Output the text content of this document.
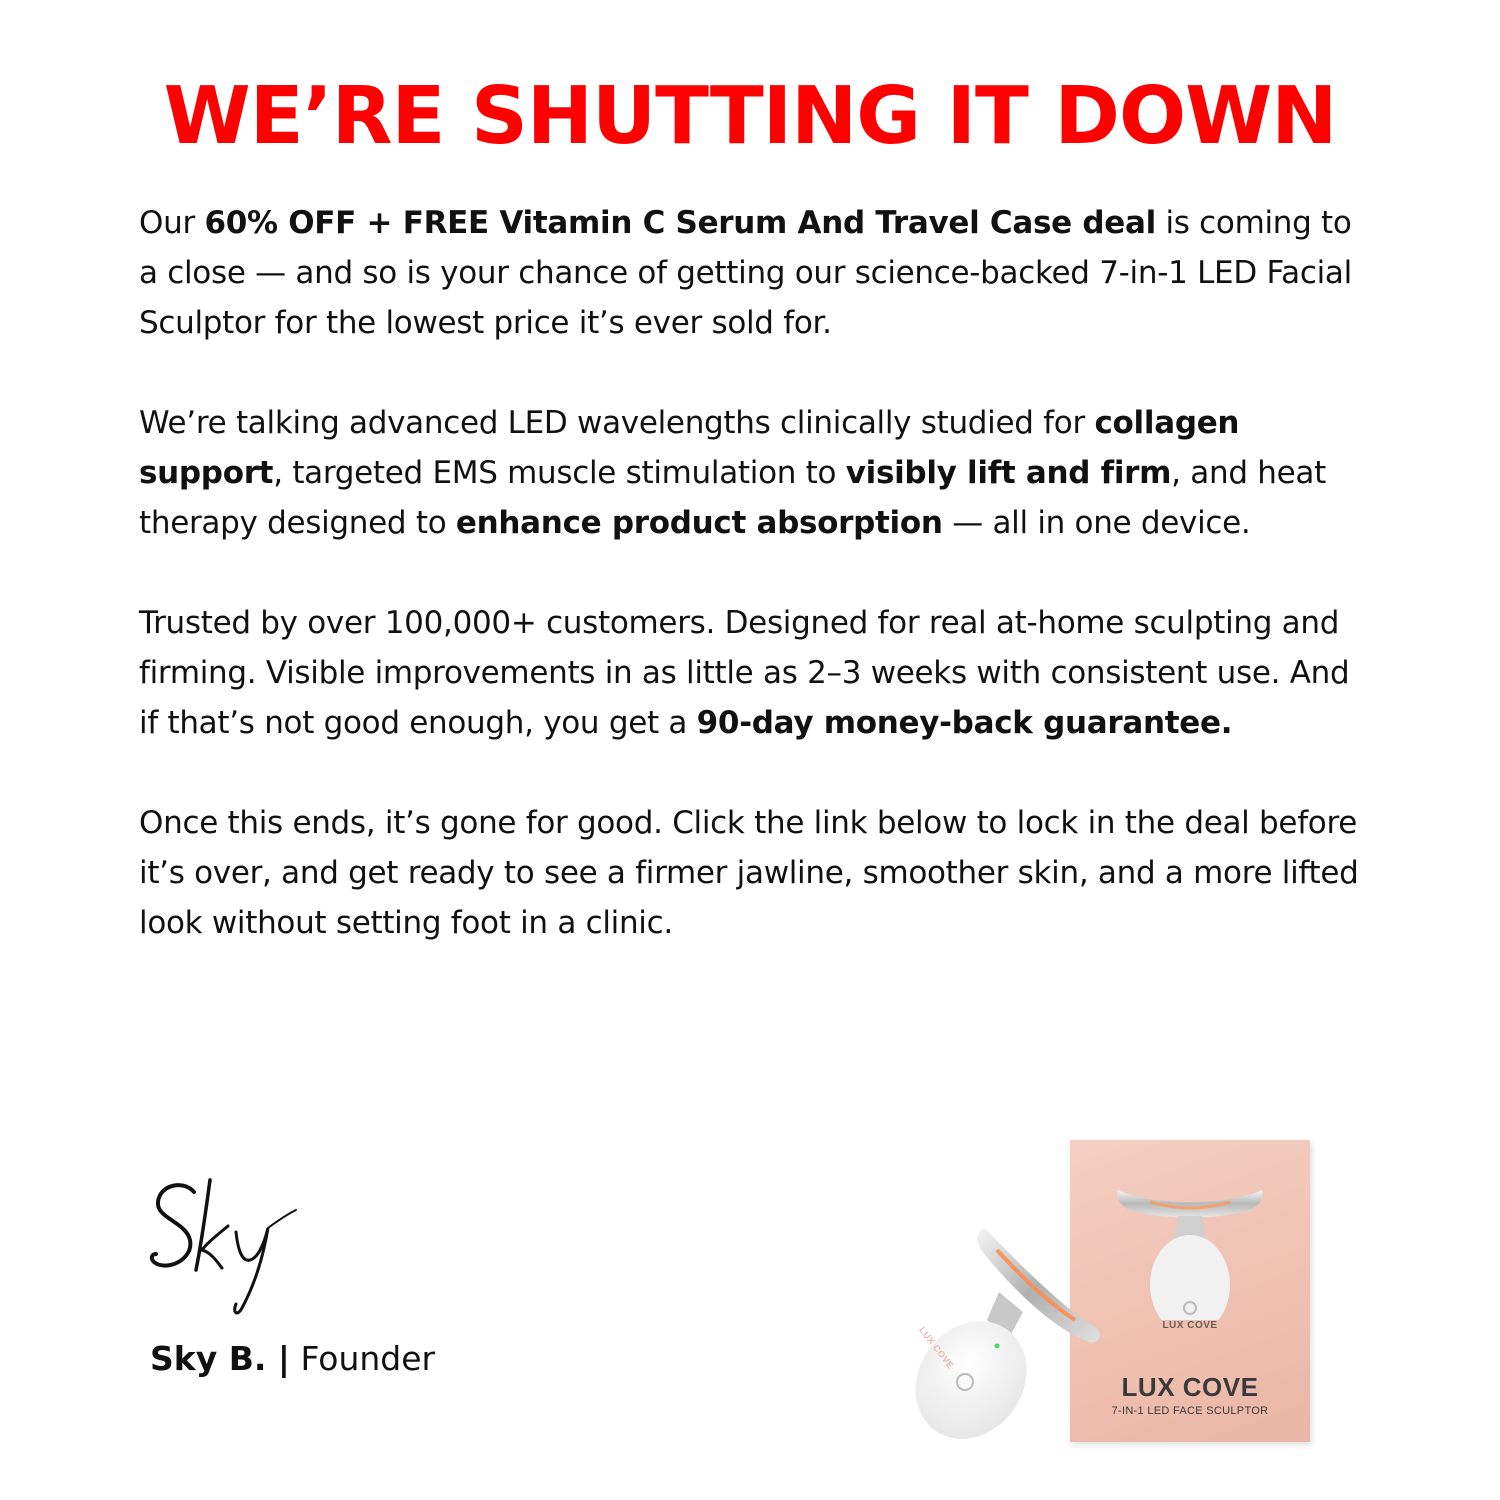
WE’RE SHUTTING IT DOWN

Our 60% OFF + FREE Vitamin C Serum And Travel Case deal is coming to a close — and so is your chance of getting our science-backed 7-in-1 LED Facial Sculptor for the lowest price it’s ever sold for.

We’re talking advanced LED wavelengths clinically studied for collagen support, targeted EMS muscle stimulation to visibly lift and firm, and heat therapy designed to enhance product absorption — all in one device.

Trusted by over 100,000+ customers. Designed for real at-home sculpting and firming. Visible improvements in as little as 2–3 weeks with consistent use. And if that’s not good enough, you get a 90-day money-back guarantee.

Once this ends, it’s gone for good. Click the link below to lock in the deal before it’s over, and get ready to see a firmer jawline, smoother skin, and a more lifted look without setting foot in a clinic.

Sky B. | Founder
LUX COVE
LUX COVE
7-IN-1 LED FACE SCULPTOR
LUX COVE
